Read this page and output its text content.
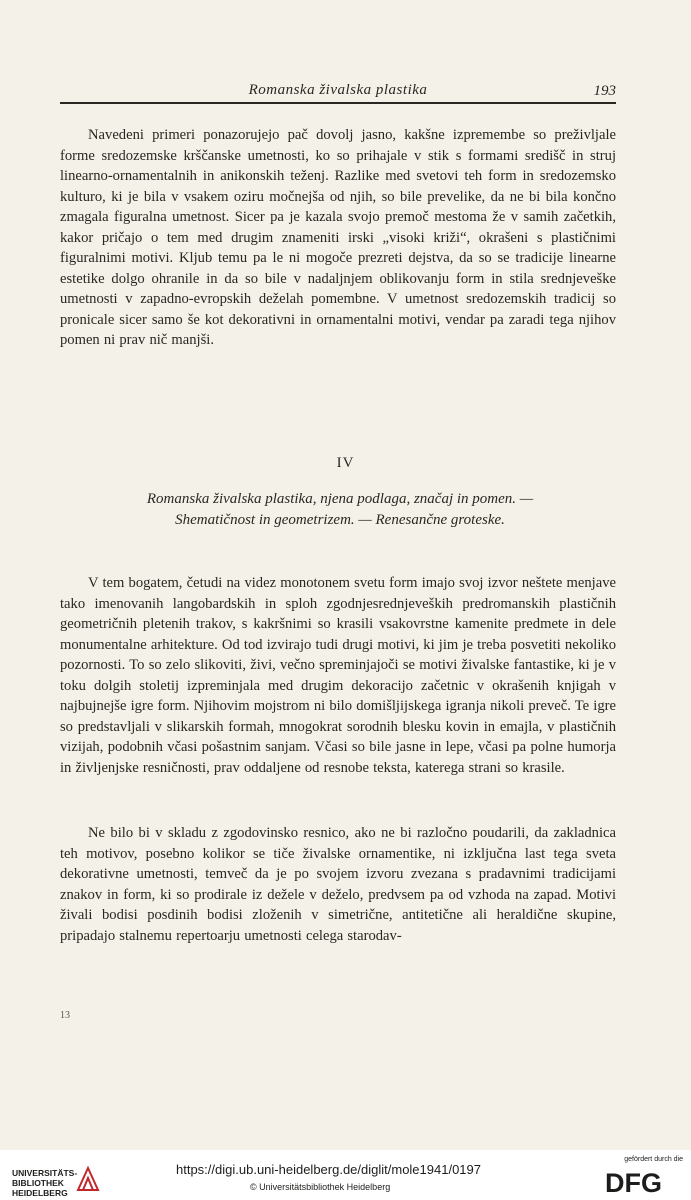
Romanska živalska plastika	193

Navedeni primeri ponazorujejo pač dovolj jasno, kakšne izpremembe so preživljale forme sredozemske krščanske umetnosti, ko so prihajale v stik s formami središč in struj linearno-ornamentalnih in anikonskih teženj. Razlike med svetovi teh form in sredozemsko kulturo, ki je bila v vsakem oziru močnejša od njih, so bile prevelike, da ne bi bila končno zmagala figuralna umetnost. Sicer pa je kazala svojo premoč mestoma že v samih začetkih, kakor pričajo o tem med drugim znameniti irski „visoki križi“, okrašeni s plastičnimi figuralnimi motivi. Kljub temu pa le ni mogoče prezreti dejstva, da so se tradicije linearne estetike dolgo ohranile in da so bile v nadaljnjem oblikovanju form in stila srednjeveške umetnosti v zapadno-evropskih deželah pomembne. V umetnost sredozemskih tradicij so pronicale sicer samo še kot dekorativni in ornamentalni motivi, vendar pa zaradi tega njihov pomen ni prav nič manjši.

IV
Romanska živalska plastika, njena podlaga, značaj in pomen. — Shematičnost in geometrizem. — Renesančne groteske.

V tem bogatem, četudi na videz monotonem svetu form imajo svoj izvor neštete menjave tako imenovanih langobardskih in sploh zgodnjesrednjeveških predromanskih plastičnih geometričnih pletenih trakov, s kakršnimi so krasili vsakovrstne kamenite predmete in dele monumentalne arhitekture. Od tod izvirajo tudi drugi motivi, ki jim je treba posvetiti nekoliko pozornosti. To so zelo slikoviti, živi, večno spreminjajoči se motivi živalske fantastike, ki je v toku dolgih stoletij izpreminjala med drugim dekoracijo začetnic v okrašenih knjigah v najbujnejše igre form. Njihovim mojstrom ni bilo domišljijskega igranja nikoli preveč. Te igre so predstavljali v slikarskih formah, mnogokrat sorodnih blesku kovin in emajla, v plastičnih vizijah, podobnih včasi pošastnim sanjam. Včasi so bile jasne in lepe, včasi pa polne humorja in življenjske resničnosti, prav oddaljene od resnobe teksta, katerega strani so krasile.

Ne bilo bi v skladu z zgodovinsko resnico, ako ne bi razločno poudarili, da zakladnica teh motivov, posebno kolikor se tiče živalske ornamentike, ni izključna last tega sveta dekorativne umetnosti, temveč da je po svojem izvoru zvezana s pradavnimi tradicijami znakov in form, ki so prodirale iz dežele v deželo, predvsem pa od vzhoda na zapad. Motivi živali bodisi posdinih bodisi zloženih v simetrične, antitetične ali heraldične skupine, pripadajo stalnemu repertoarju umetnosti celega starodav-

13
UNIVERSITÄTS-
BIBLIOTHEK
HEIDELBERG
https://digi.ub.uni-heidelberg.de/diglit/mole1941/0197
© Universitätsbibliothek Heidelberg
gefördert durch die
DFG
